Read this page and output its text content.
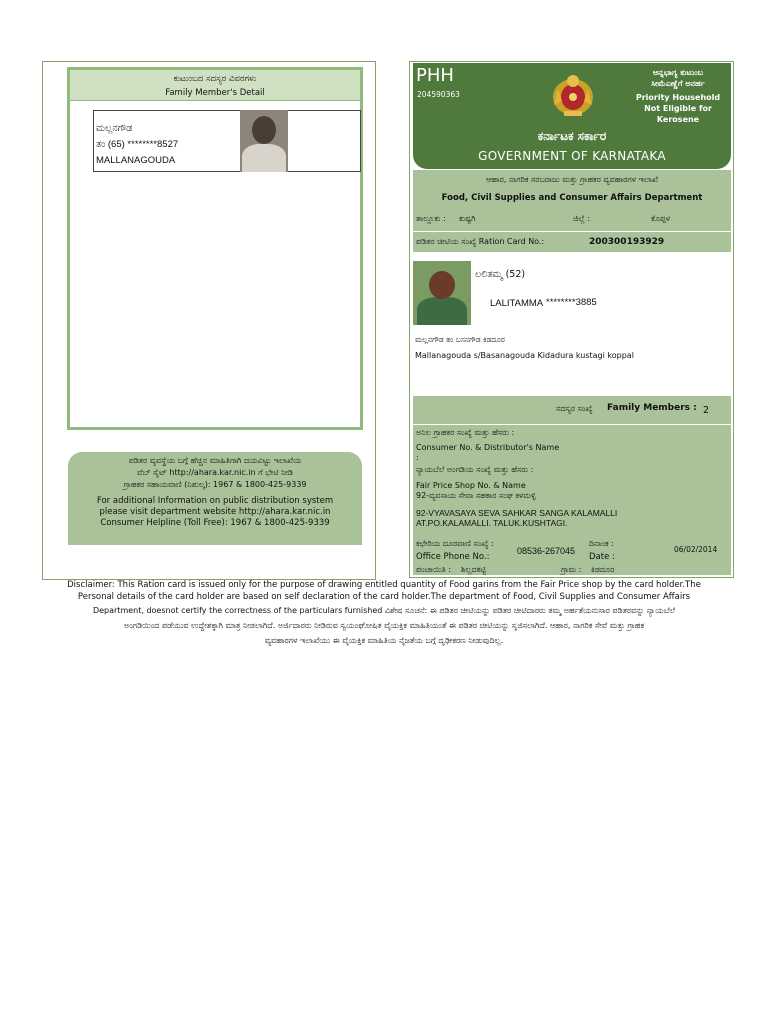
ಕುಟುಂಬದ ಸದಸ್ಯರ ವಿವರಗಳು
Family Member's Detail
ಮಲ್ಲನಗೌಡ
ತಂ (65) ********8527
MALLANAGOUDA
ಪಡಿತರ ವ್ಯವಸ್ಥೆಯ ಬಗ್ಗೆ ಹೆಚ್ಚಿನ ಮಾಹಿತಿಗಾಗಿ ದಯವಿಟ್ಟು ಇಲಾಖೆಯ
ವೆಬ್ ಸೈಟ್ http://ahara.kar.nic.in ಗೆ ಭೇಟಿ ನೀಡಿ
ಗ್ರಾಹಕರ ಸಹಾಯವಾಣಿ (ನಿಶುಲ್ಕ): 1967 & 1800-425-9339
For additional Information on public distribution system
please visit department website http://ahara.kar.nic.in
Consumer Helpline (Toll Free): 1967 & 1800-425-9339
PHH
204590363
ಅನ್ನಭಾಗ್ಯ ಕುಟುಂಬ
ಸೀಮೆಎಣ್ಣೆಗೆ ಅನರ್ಹ
Priority Household
Not Eligible for
Kerosene
ಕರ್ನಾಟಕ ಸರ್ಕಾರ
GOVERNMENT OF KARNATAKA
ಆಹಾರ, ನಾಗರಿಕ ಸರಬರಾಜು ಮತ್ತು ಗ್ರಾಹಕರ ವ್ಯವಹಾರಗಳ ಇಲಾಖೆ
Food, Civil Supplies and Consumer Affairs Department
ತಾಲ್ಲೂಕು : ಕುಷ್ಟಗಿ	ಜಿಲ್ಲೆ :	ಕೊಪ್ಪಳ
ಪಡಿತರ ಚೀಟಿಯ ಸಂಖ್ಯೆ Ration Card No.:	200300193929
ಲಲಿತಮ್ಮ (52)
LALITAMMA ********3885
ಮಲ್ಲನಗೌಡ ತಂ ಬಸನಗೌಡ ಕಿಡದೂರ
Mallanagouda s/Basanagouda Kidadura kustagi koppal
ಸದಸ್ಯರ ಸಂಖ್ಯೆ Family Members : 2
ಅನಿಲ ಗ್ರಾಹಕರ ಸಂಖ್ಯೆ ಮತ್ತು ಹೆಸರು :
Consumer No. & Distributor's Name
:
ನ್ಯಾಯಬೆಲೆ ಅಂಗಡಿಯ ಸಂಖ್ಯೆ ಮತ್ತು ಹೆಸರು :
Fair Price Shop No. & Name
92-ವ್ಯವಸಾಯ ಸೇವಾ ಸಹಕಾರ ಸಂಘ ಕಳಮಳ್ಳಿ
92-VYAVASAYA SEVA SAHKAR SANGA KALAMALLI
AT.PO.KALAMALLI. TALUK.KUSHTAGI.
ಕಛೇರಿಯ ದೂರವಾಣಿ ಸಂಖ್ಯೆ :
Office Phone No.:
08536-267045
ದಿನಾಂಕ :
Date :
06/02/2014
ಪಂಚಾಯಿತಿ : ಶಿಲ್ಲದಕಟ್ಟಿ	ಗ್ರಾಮ : ಕಿಡದೂರ
Disclaimer: This Ration card is issued only for the purpose of drawing entitled quantity of Food garins from the Fair Price shop by the card holder.The
Personal details of the card holder are based on self declaration of the card holder.The department of Food, Civil Supplies and Consumer Affairs
Department, doesnot certify the correctness of the particulars furnished ವಿಶೇಷ ಸೂಚನೆ: ಈ ಪಡಿತರ ಚೀಟಿಯನ್ನು ಪಡಿತರ ಚೀಟಿದಾರರು ತಮ್ಮ ಅರ್ಹತೆಯನುಸಾರ ಪಡಿತರವನ್ನು ನ್ಯಾಯಬೆಲೆ
ಅಂಗಡಿಯಿಂದ ಪಡೆಯುವ ಉದ್ದೇಶಕ್ಕಾಗಿ ಮಾತ್ರ ನೀಡಲಾಗಿದೆ. ಅರ್ಜಿದಾರರು ನೀಡಿರುವ ಸ್ವಯಂಘೋಷಿತ ವೈಯಕ್ತಿಕ ಮಾಹಿತಿಯಂತೆ ಈ ಪಡಿತರ ಚೀಟಿಯನ್ನು ಸೃಜಿಸಲಾಗಿದೆ. ಆಹಾರ, ನಾಗರಿಕ ಸೇವೆ ಮತ್ತು ಗ್ರಾಹಕ
ವ್ಯವಹಾರಗಳ ಇಲಾಖೆಯು ಈ ವೈಯಕ್ತಿಕ ಮಾಹಿತಿಯ ನೈಜತೆಯ ಬಗ್ಗೆ ದೃಢೀಕರಣ ನೀಡುವುದಿಲ್ಲ.
